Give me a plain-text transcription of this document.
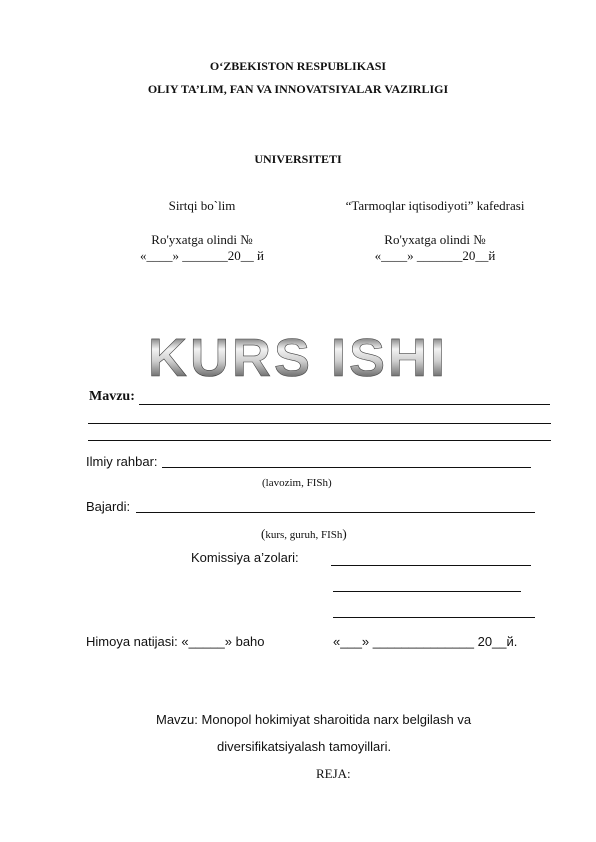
O‘ZBEKISTON RESPUBLIKASI
OLIY TA’LIM, FAN VA INNOVATSIYALAR VAZIRLIGI
UNIVERSITETI
Sirtqi bo`lim
Ro'yxatga olindi №
«____» _______20__ й
“Tarmoqlar iqtisodiyoti” kafedrasi
Ro'yxatga olindi №
«____» _______20__й
KURS ISHI
Mavzu:
Ilmiy rahbar:
(lavozim, FISh)
Bajardi:
(kurs, guruh, FISh)
Komissiya a’zolari:
Himoya natijasi: «_____» baho	«___» ______________ 20__й.
Mavzu: Monopol hokimiyat sharoitida narx belgilash va
diversifikatsiyalash tamoyillari.
REJA:
